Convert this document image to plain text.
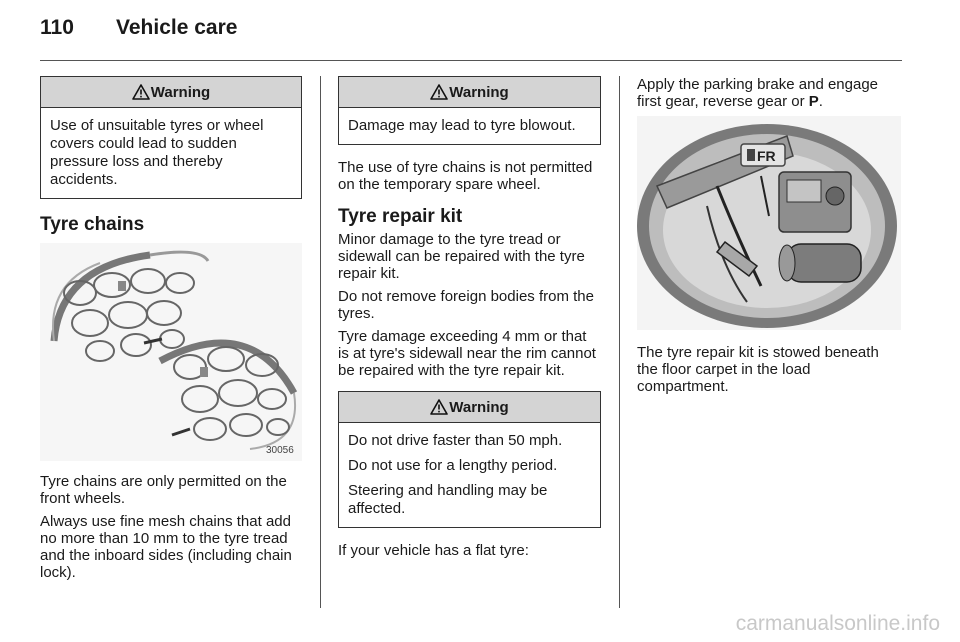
110 Vehicle care
Warning

Use of unsuitable tyres or wheel covers could lead to sudden pressure loss and thereby accidents.

Tyre chains
30056

Tyre chains are only permitted on the front wheels.

Always use fine mesh chains that add no more than 10 mm to the tyre tread and the inboard sides (including chain lock).

Warning

Damage may lead to tyre blowout.

The use of tyre chains is not permitted on the temporary spare wheel.

Tyre repair kit

Minor damage to the tyre tread or sidewall can be repaired with the tyre repair kit.

Do not remove foreign bodies from the tyres.

Tyre damage exceeding 4 mm or that is at tyre's sidewall near the rim cannot be repaired with the tyre repair kit.

Warning

Do not drive faster than 50 mph.

Do not use for a lengthy period.

Steering and handling may be affected.

If your vehicle has a flat tyre:

Apply the parking brake and engage first gear, reverse gear or P.

FR

The tyre repair kit is stowed beneath the floor carpet in the load compartment.

carmanualsonline.info
